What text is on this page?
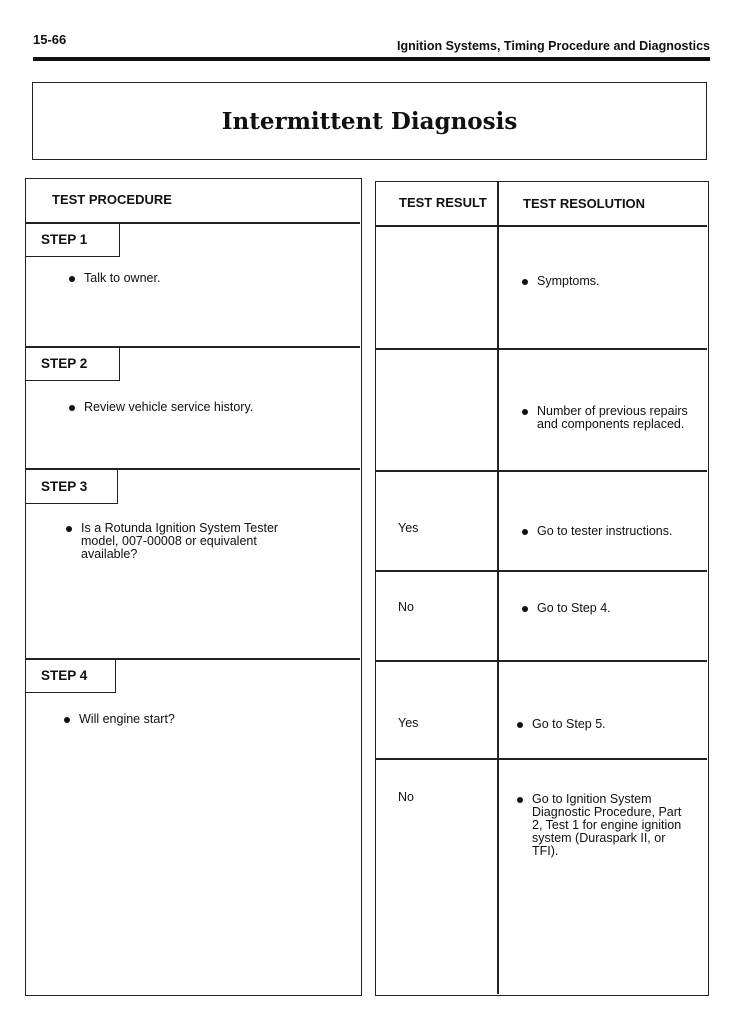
15-66	Ignition Systems, Timing Procedure and Diagnostics
Intermittent Diagnosis
TEST PROCEDURE
STEP 1
Talk to owner.
STEP 2
Review vehicle service history.
STEP 3
Is a Rotunda Ignition System Tester model, 007-00008 or equivalent available?
STEP 4
Will engine start?
TEST RESULT	TEST RESOLUTION
Symptoms.
Number of previous repairs and components replaced.
Yes	Go to tester instructions.
No	Go to Step 4.
Yes	Go to Step 5.
No	Go to Ignition System Diagnostic Procedure, Part 2, Test 1 for engine ignition system (Duraspark II, or TFI).
